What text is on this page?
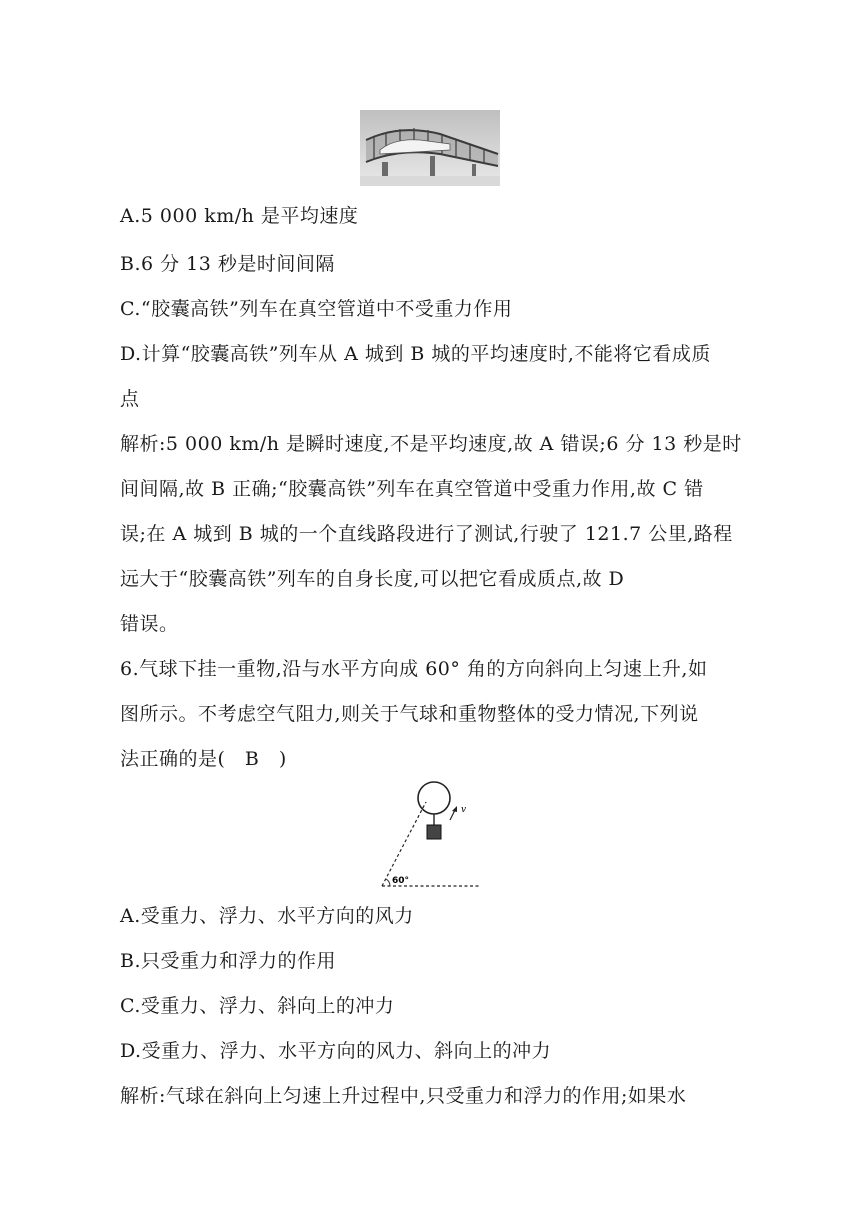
A.5 000 km/h 是平均速度
B.6 分 13 秒是时间间隔
C.“胶囊高铁”列车在真空管道中不受重力作用
D.计算“胶囊高铁”列车从 A 城到 B 城的平均速度时,不能将它看成质
点
解析:5 000 km/h 是瞬时速度,不是平均速度,故 A 错误;6 分 13 秒是时
间间隔,故 B 正确;“胶囊高铁”列车在真空管道中受重力作用,故 C 错
误;在 A 城到 B 城的一个直线路段进行了测试,行驶了 121.7 公里,路程
远大于“胶囊高铁”列车的自身长度,可以把它看成质点,故 D
错误。
6.气球下挂一重物,沿与水平方向成 60° 角的方向斜向上匀速上升,如
图所示。不考虑空气阻力,则关于气球和重物整体的受力情况,下列说
法正确的是(　B　)
v
60°
A.受重力、浮力、水平方向的风力
B.只受重力和浮力的作用
C.受重力、浮力、斜向上的冲力
D.受重力、浮力、水平方向的风力、斜向上的冲力
解析:气球在斜向上匀速上升过程中,只受重力和浮力的作用;如果水
